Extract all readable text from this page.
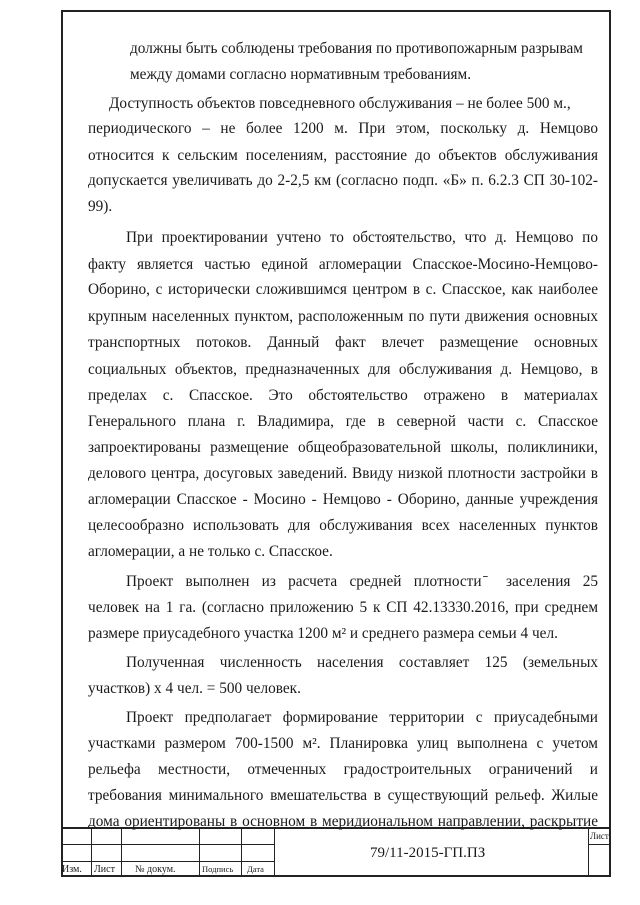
должны быть соблюдены требования по противопожарным разрывам
между домами согласно нормативным требованиям.
Доступность объектов повседневного обслуживания – не более 500 м.,
периодического – не более 1200 м. При этом, поскольку д. Немцово
относится к сельским поселениям, расстояние до объектов обслуживания
допускается увеличивать до 2-2,5 км (согласно подп. «Б» п. 6.2.3 СП 30-102-
99).
При проектировании учтено то обстоятельство, что д. Немцово по
факту является частью единой агломерации Спасское-Мосино-Немцово-
Оборино, с исторически сложившимся центром в с. Спасское, как наиболее
крупным населенных пунктом, расположенным по пути движения основных
транспортных потоков. Данный факт влечет размещение основных
социальных объектов, предназначенных для обслуживания д. Немцово, в
пределах с. Спасское. Это обстоятельство отражено в материалах
Генерального плана г. Владимира, где в северной части с. Спасское
запроектированы размещение общеобразовательной школы, поликлиники,
делового центра, досуговых заведений. Ввиду низкой плотности застройки в
агломерации Спасское - Мосино - Немцово - Оборино, данные учреждения
целесообразно использовать для обслуживания всех населенных пунктов
агломерации, а не только с. Спасское.
Проект выполнен из расчета средней плотности ̄ заселения 25
человек на 1 га. (согласно приложению 5 к СП 42.13330.2016, при среднем
размере приусадебного участка 1200 м² и среднего размера семьи 4 чел.
Полученная численность населения составляет 125 (земельных
участков) х 4 чел. = 500 человек.
Проект предполагает формирование территории с приусадебными
участками размером 700-1500 м². Планировка улиц выполнена с учетом
рельефа местности, отмеченных градостроительных ограничений и
требования минимального вмешательства в существующий рельеф. Жилые
дома ориентированы в основном в меридиональном направлении, раскрытие
Изм. Лист № докум.	Подпись Дата
79/11-2015-ГП.ПЗ
Лист
